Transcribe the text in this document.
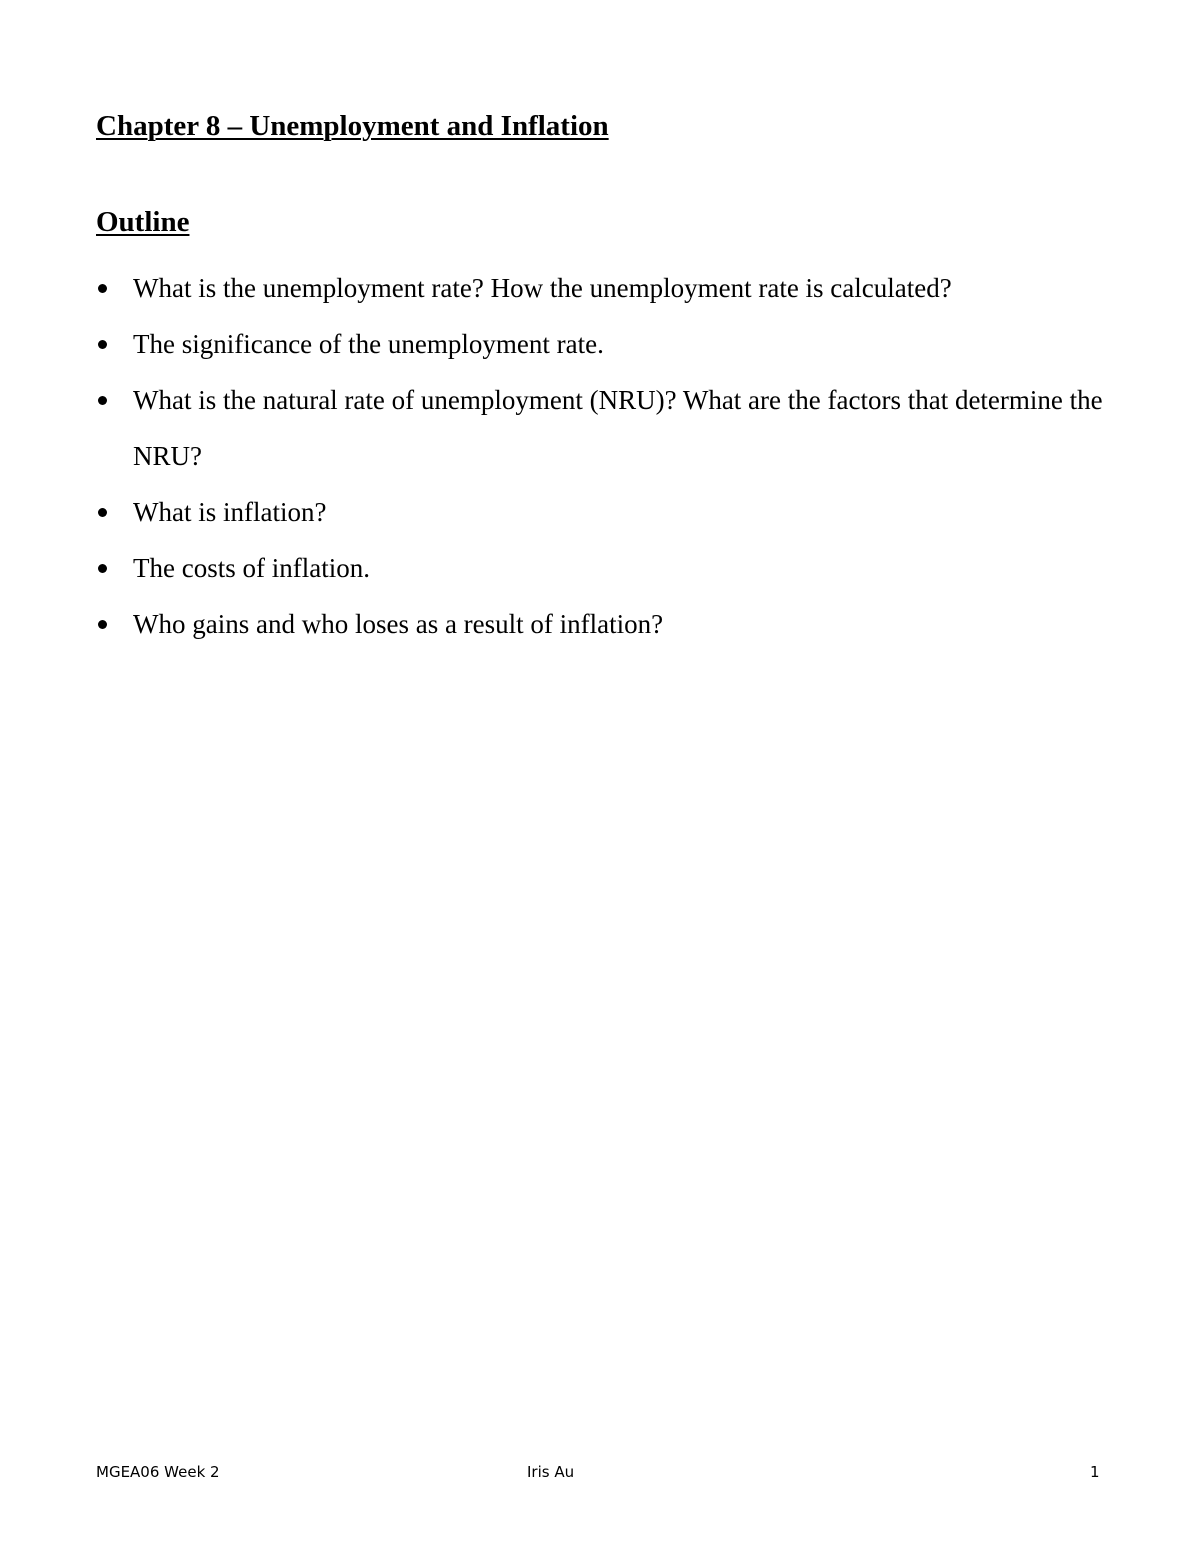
Chapter 8 – Unemployment and Inflation
Outline
What is the unemployment rate? How the unemployment rate is calculated?
The significance of the unemployment rate.
What is the natural rate of unemployment (NRU)? What are the factors that determine the NRU?
What is inflation?
The costs of inflation.
Who gains and who loses as a result of inflation?
MGEA06 Week 2	Iris Au	1
